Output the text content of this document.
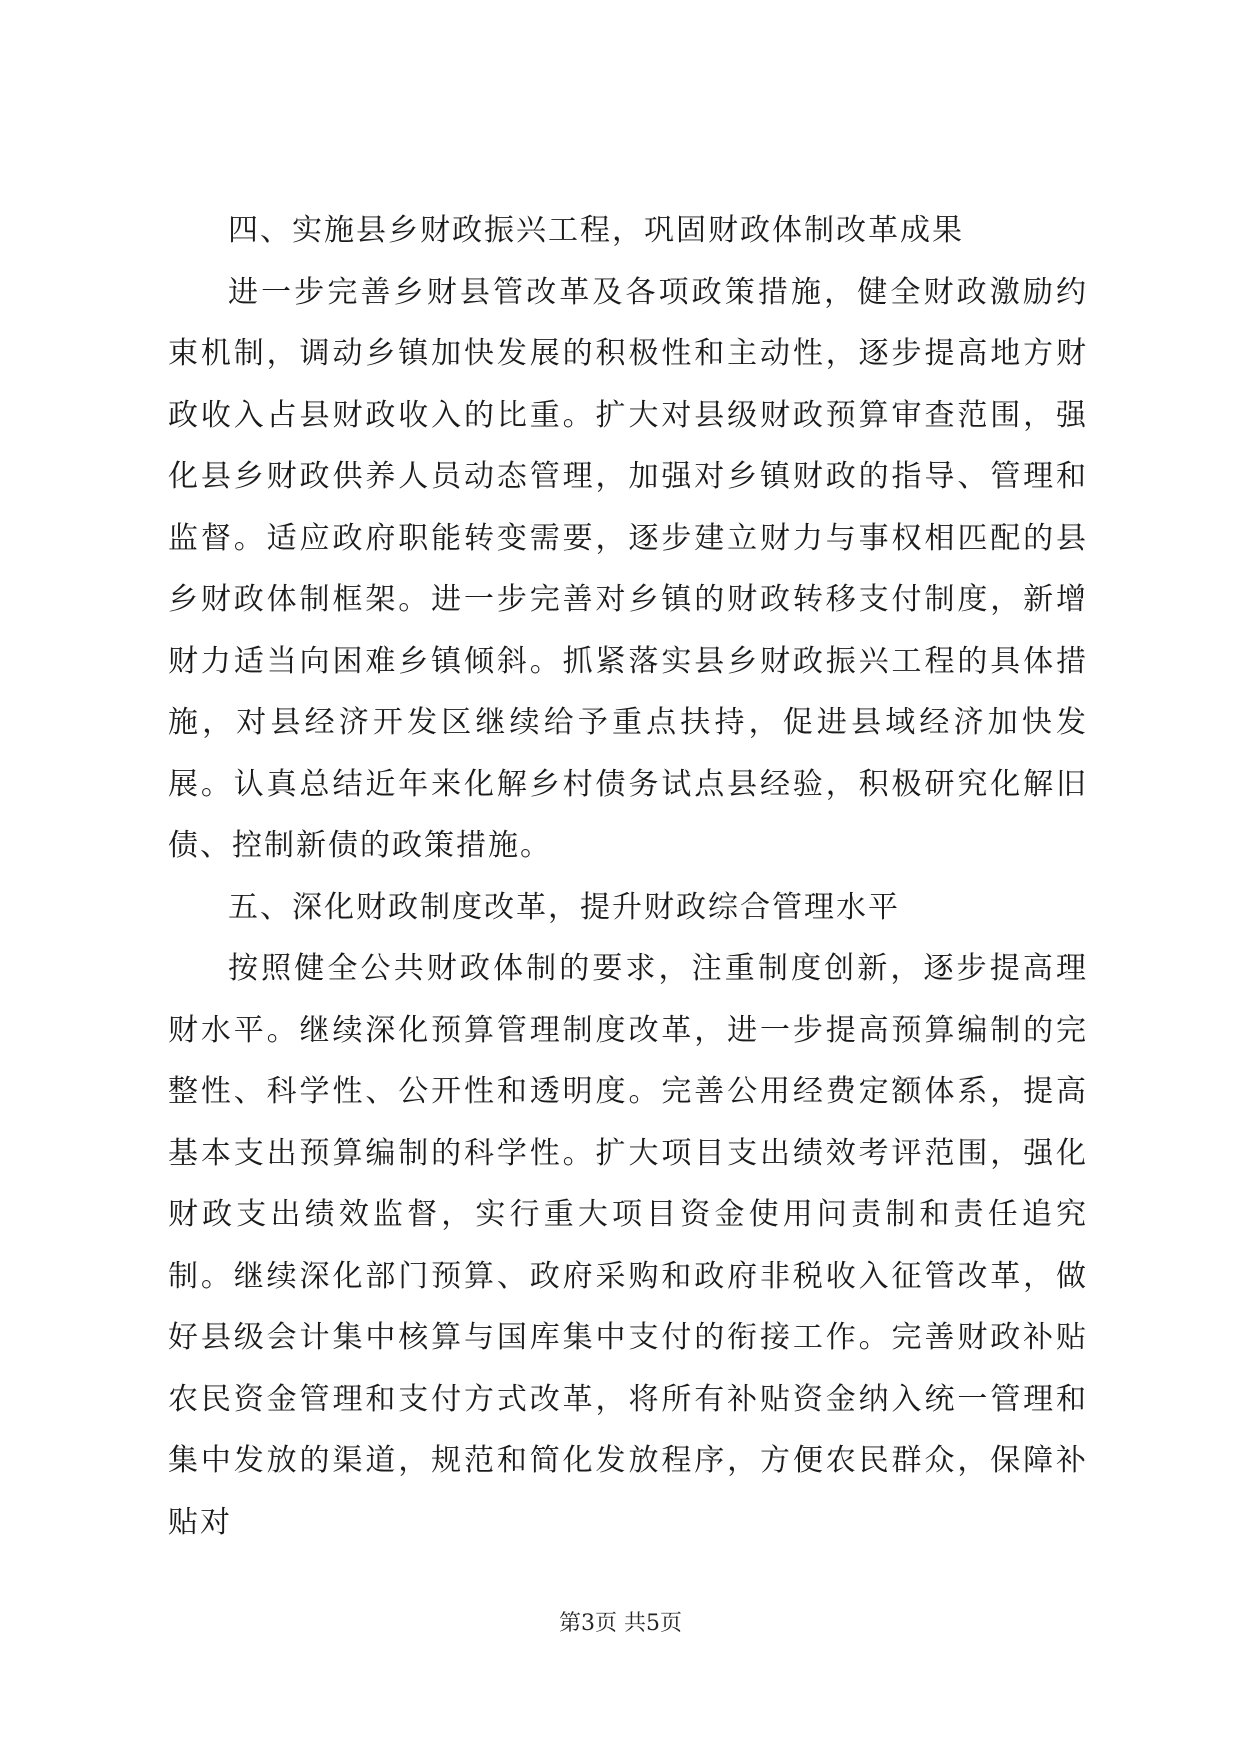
四、实施县乡财政振兴工程，巩固财政体制改革成果

进一步完善乡财县管改革及各项政策措施，健全财政激励约束机制，调动乡镇加快发展的积极性和主动性，逐步提高地方财政收入占县财政收入的比重。扩大对县级财政预算审查范围，强化县乡财政供养人员动态管理，加强对乡镇财政的指导、管理和监督。适应政府职能转变需要，逐步建立财力与事权相匹配的县乡财政体制框架。进一步完善对乡镇的财政转移支付制度，新增财力适当向困难乡镇倾斜。抓紧落实县乡财政振兴工程的具体措施，对县经济开发区继续给予重点扶持，促进县域经济加快发展。认真总结近年来化解乡村债务试点县经验，积极研究化解旧债、控制新债的政策措施。

五、深化财政制度改革，提升财政综合管理水平

按照健全公共财政体制的要求，注重制度创新，逐步提高理财水平。继续深化预算管理制度改革，进一步提高预算编制的完整性、科学性、公开性和透明度。完善公用经费定额体系，提高基本支出预算编制的科学性。扩大项目支出绩效考评范围，强化财政支出绩效监督，实行重大项目资金使用问责制和责任追究制。继续深化部门预算、政府采购和政府非税收入征管改革，做好县级会计集中核算与国库集中支付的衔接工作。完善财政补贴农民资金管理和支付方式改革，将所有补贴资金纳入统一管理和集中发放的渠道，规范和简化发放程序，方便农民群众，保障补贴对

第3页 共5页
